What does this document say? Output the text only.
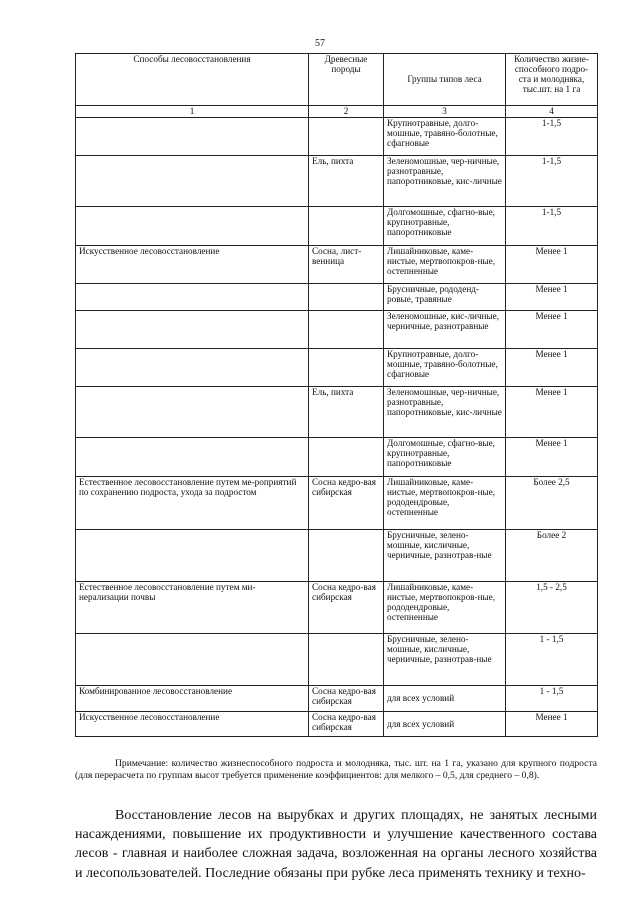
57
Способы лесовосстановления	Древесные породы	Группы типов леса	Количество жизне-способного подро-ста и молодняка, тыс.шт. на 1 га
1	2	3	4
		Крупнотравные, долго-мошные, травяно-болотные, сфагновые	1-1,5
	Ель, пихта	Зеленомошные, чер-ничные, разнотравные, папоротниковые, кис-личные	1-1,5
		Долгомошные, сфагно-вые, крупнотравные, папоротниковые	1-1,5
Искусственное лесовосстановление	Сосна, лист-венница	Лишайниковые, каме-нистые, мертвопокров-ные, остепненные	Менее 1
		Брусничные, рододенд-ровые, травяные	Менее 1
		Зеленомошные, кис-личные, черничные, разнотравные	Менее 1
		Крупнотравные, долго-мошные, травяно-болотные, сфагновые	Менее 1
	Ель, пихта	Зеленомошные, чер-ничные, разнотравные, папоротниковые, кис-личные	Менее 1
		Долгомошные, сфагно-вые, крупнотравные, папоротниковые	Менее 1
Естественное лесовосстановление путем ме-роприятий по сохранению подроста, ухода за подростом	Сосна кедро-вая сибирская	Лишайниковые, каме-нистые, мертвопокров-ные, рододендровые, остепненные	Более 2,5
		Брусничные, зелено-мошные, кисличные, черничные, разнотрав-ные	Более 2
Естественное лесовосстановление путем ми-нерализации почвы	Сосна кедро-вая сибирская	Лишайниковые, каме-нистые, мертвопокров-ные, рододендровые, остепненные	1,5 - 2,5
		Брусничные, зелено-мошные, кисличные, черничные, разнотрав-ные	1 - 1,5
Комбинированное лесовосстановление	Сосна кедро-вая сибирская	для всех условий	1 - 1,5
Искусственное лесовосстановление	Сосна кедро-вая сибирская	для всех условий	Менее 1
Примечание: количество жизнеспособного подроста и молодняка, тыс. шт. на 1 га, указано для крупного подроста (для перерасчета по группам высот требуется применение коэффициентов: для мелкого – 0,5, для среднего – 0,8).
Восстановление лесов на вырубках и других площадях, не занятых лесными насаждениями, повышение их продуктивности и улучшение качественного состава лесов - главная и наиболее сложная задача, возложенная на органы лесного хозяйства и лесопользователей. Последние обязаны при рубке леса применять технику и техно-
